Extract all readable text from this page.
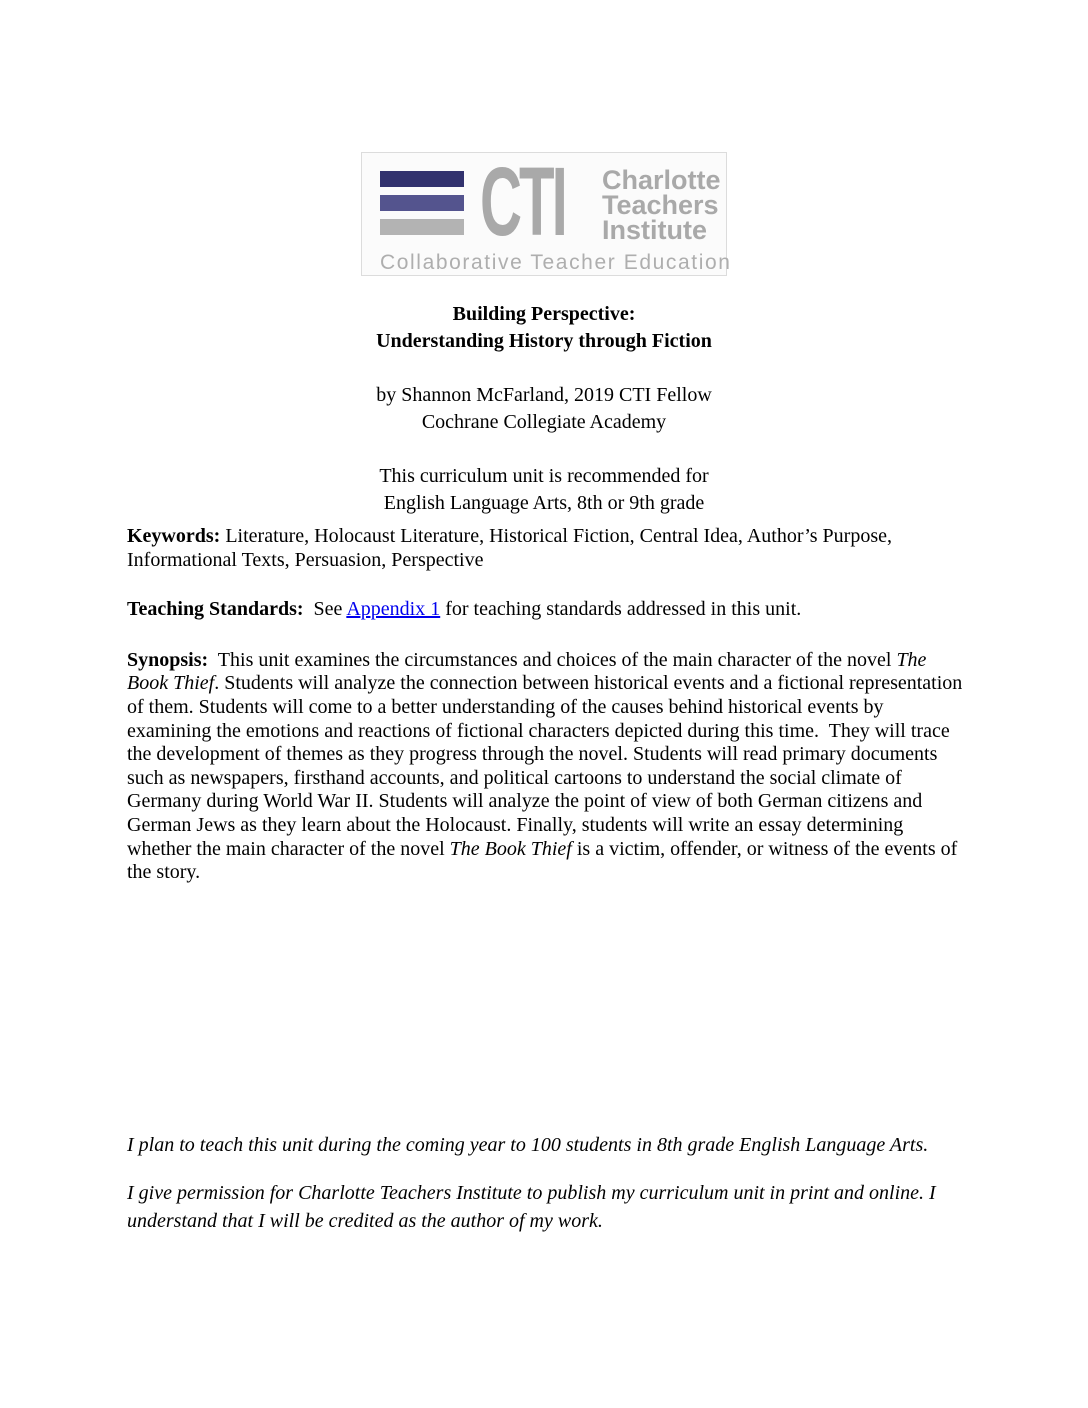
CTI Charlotte
Teachers
Institute
Collaborative Teacher Education
Building Perspective:
Understanding History through Fiction
by Shannon McFarland, 2019 CTI Fellow
Cochrane Collegiate Academy
This curriculum unit is recommended for
English Language Arts, 8th or 9th grade

Keywords: Literature, Holocaust Literature, Historical Fiction, Central Idea, Author’s Purpose, Informational Texts, Persuasion, Perspective

Teaching Standards:  See Appendix 1 for teaching standards addressed in this unit.

Synopsis:  This unit examines the circumstances and choices of the main character of the novel The Book Thief. Students will analyze the connection between historical events and a fictional representation of them. Students will come to a better understanding of the causes behind historical events by examining the emotions and reactions of fictional characters depicted during this time.  They will trace the development of themes as they progress through the novel. Students will read primary documents such as newspapers, firsthand accounts, and political cartoons to understand the social climate of Germany during World War II. Students will analyze the point of view of both German citizens and German Jews as they learn about the Holocaust. Finally, students will write an essay determining whether the main character of the novel The Book Thief is a victim, offender, or witness of the events of the story.

I plan to teach this unit during the coming year to 100 students in 8th grade English Language Arts.

I give permission for Charlotte Teachers Institute to publish my curriculum unit in print and online. I understand that I will be credited as the author of my work.
